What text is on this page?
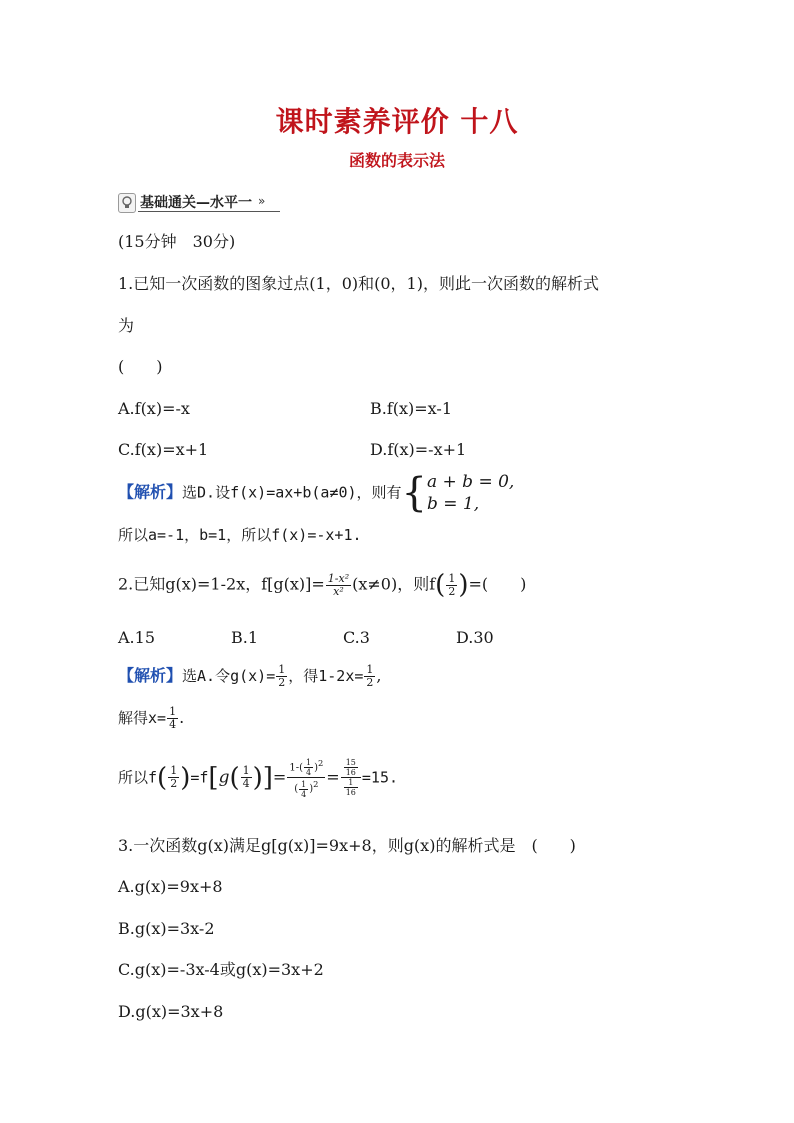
课时素养评价 十八
函数的表示法
基础通关—水平一 »
(15分钟　30分)
1.已知一次函数的图象过点(1，0)和(0，1)，则此一次函数的解析式
为
(　　)
A.f(x)=-x	B.f(x)=x-1
C.f(x)=x+1	D.f(x)=-x+1
【解析】选D.设f(x)=ax+b(a≠0)，则有{ a + b = 0,
b = 1,
所以a=-1，b=1，所以f(x)=-x+1.
2.已知g(x)=1-2x，$f[g(x)]= \frac{\text{1-x²}}{\text{x²}} (x\ne 0)$，则$f( \frac{1}{2}$ )=(　　)
A.15	B.1	C.3	D.30
【解析】选A.令$g(x)= \frac{1}{2}$ ，得$1-2x= \frac{1}{2}$ ,
解得$x= \frac{1}{4}$ .
所以$f( \frac{1}{2} )=f[g( \frac{1}{4}$ )]= $\frac{1-( \frac{1}{4} )^2}{( \frac{1}{4} )^2} = \frac{\frac{15}{16}}{\frac{1}{16}} =15$.
3.一次函数g(x)满足g[g(x)]=9x+8，则g(x)的解析式是　(　　)
A.g(x)=9x+8
B.g(x)=3x-2
C.g(x)=-3x-4或g(x)=3x+2
D.g(x)=3x+8
